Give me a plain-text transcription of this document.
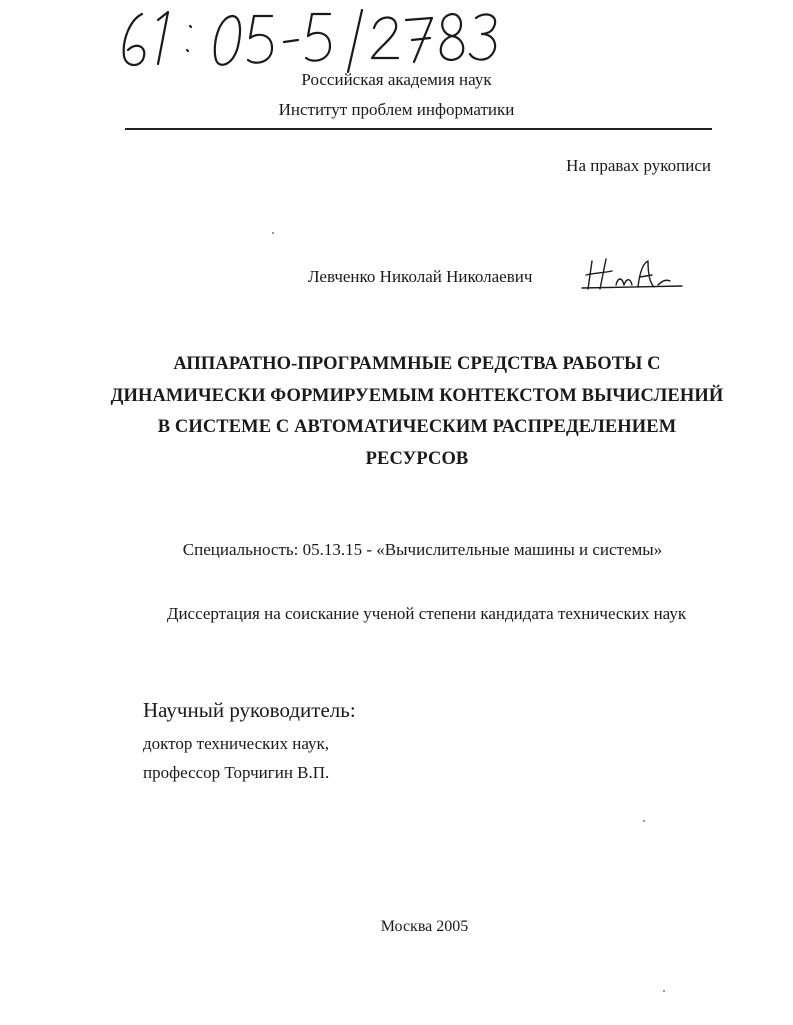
Российская академия наук
Институт проблем информатики
На правах рукописи
Левченко Николай Николаевич
АППАРАТНО-ПРОГРАММНЫЕ СРЕДСТВА РАБОТЫ С
ДИНАМИЧЕСКИ ФОРМИРУЕМЫМ КОНТЕКСТОМ ВЫЧИСЛЕНИЙ
В СИСТЕМЕ С АВТОМАТИЧЕСКИМ РАСПРЕДЕЛЕНИЕМ
РЕСУРСОВ
Специальность: 05.13.15 - «Вычислительные машины и системы»
Диссертация на соискание ученой степени кандидата технических наук
Научный руководитель:
доктор технических наук,
профессор Торчигин В.П.
Москва 2005
